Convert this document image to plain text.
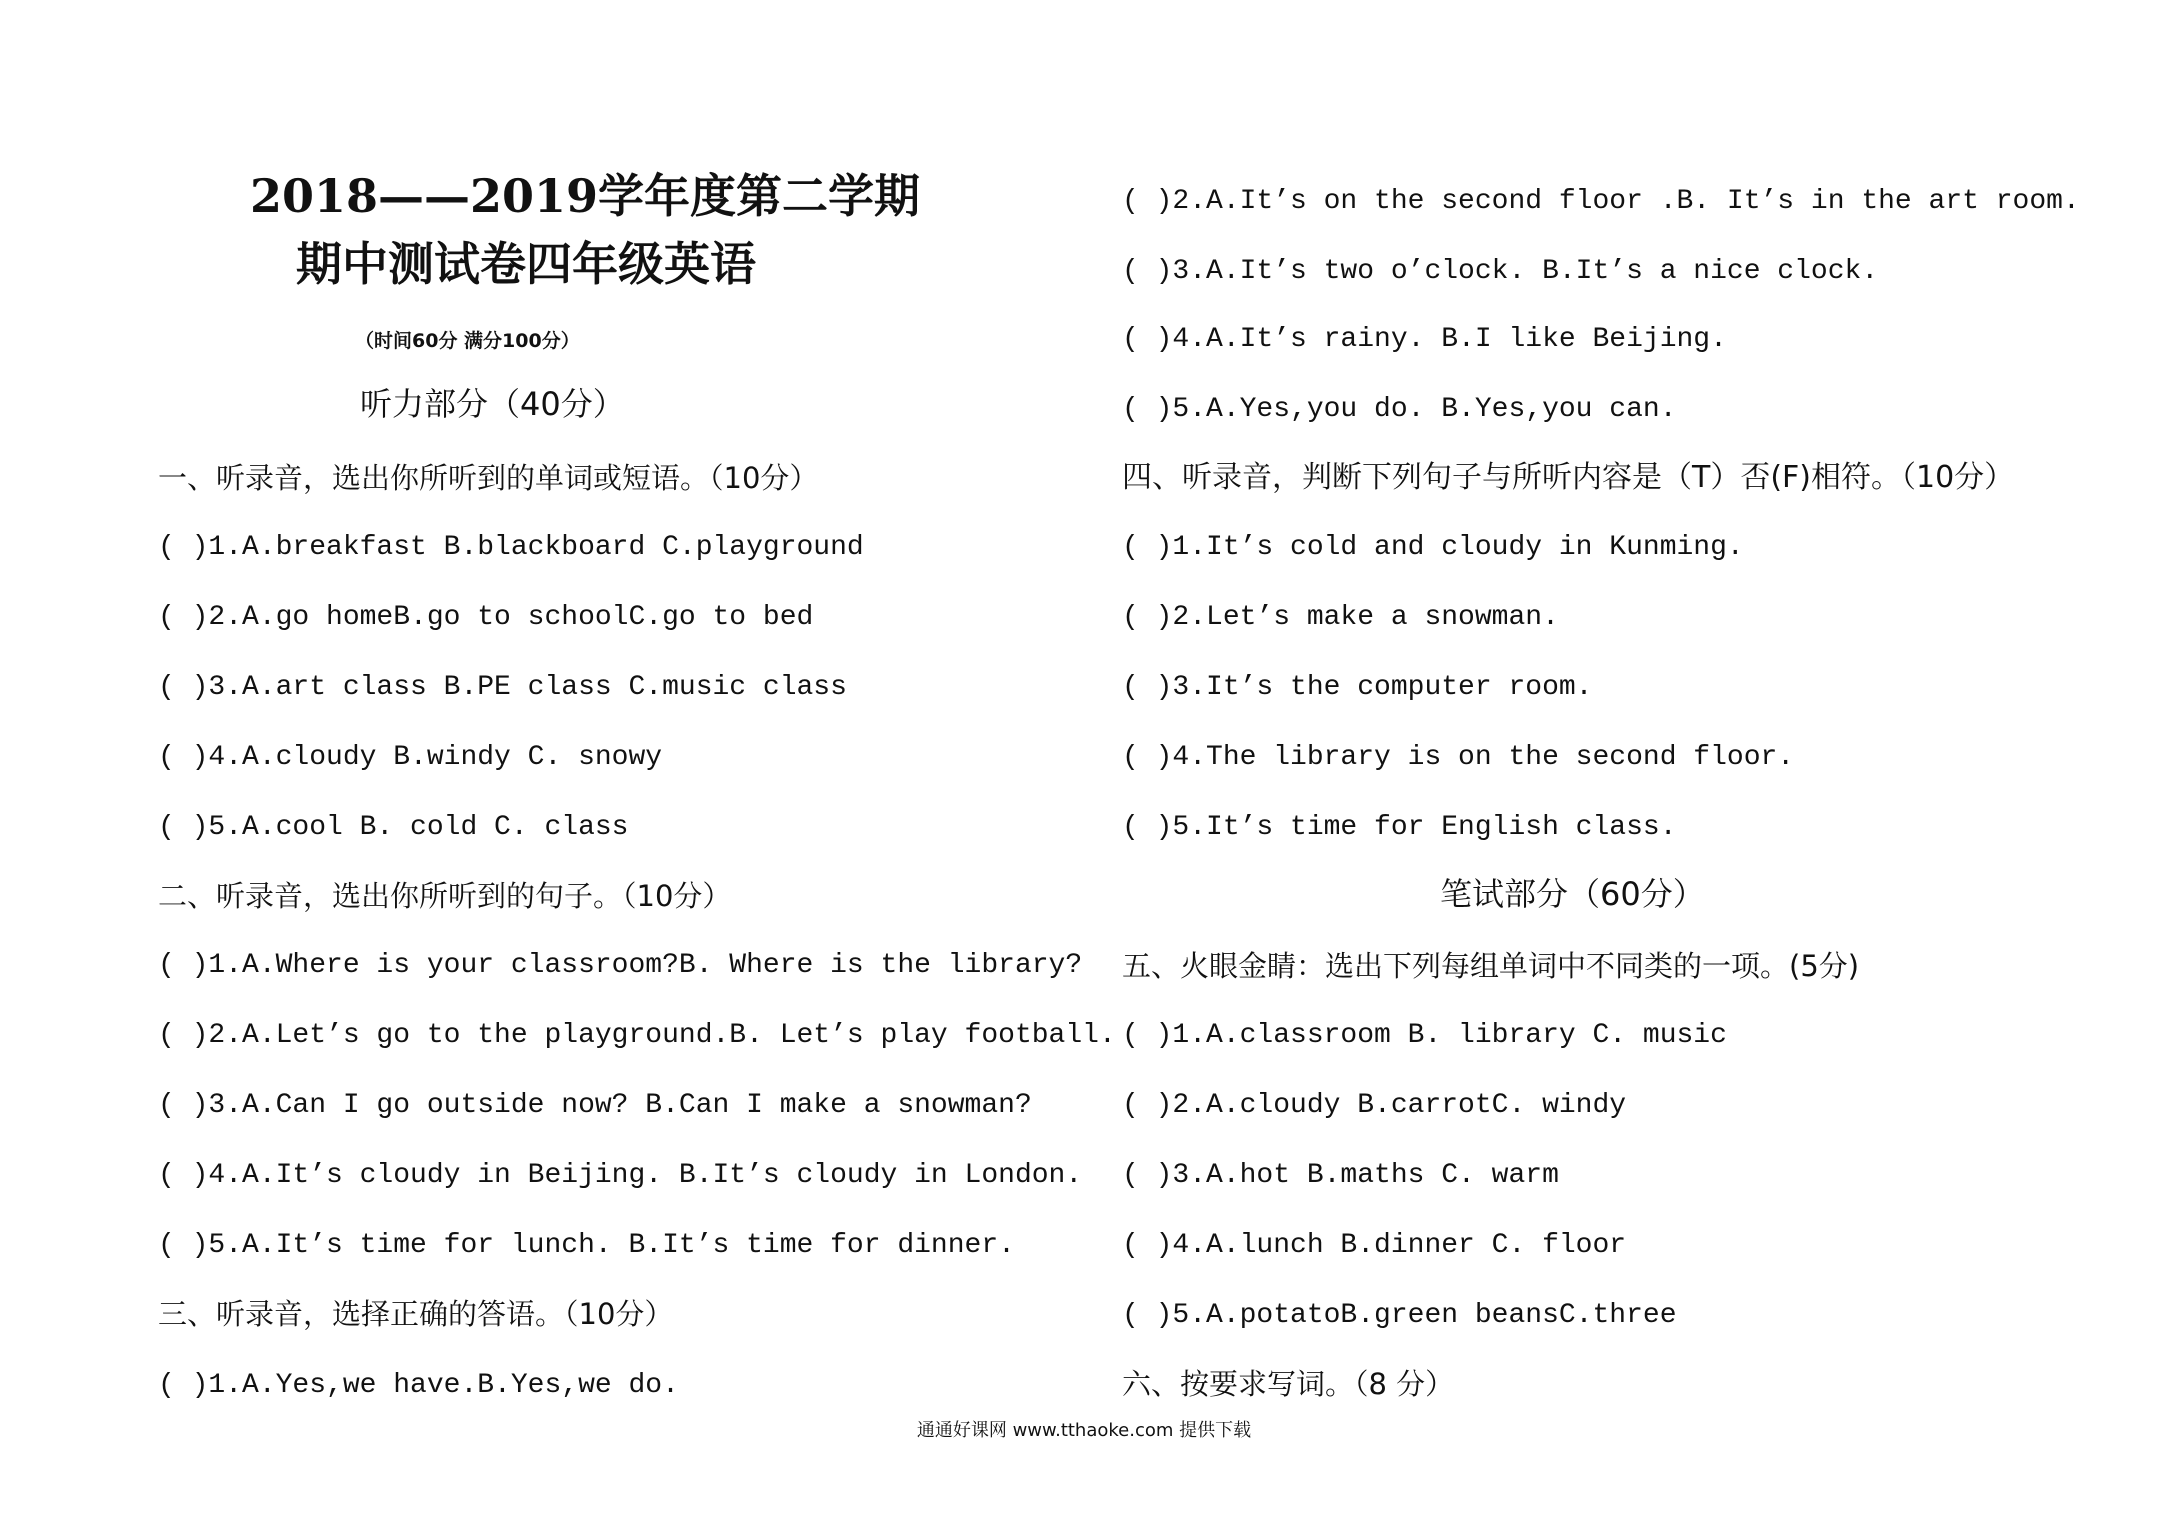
2018——2019学年度第二学期
期中测试卷四年级英语
（时间60分 满分100分）
听力部分（40分）
一、听录音，选出你所听到的单词或短语。（10分）
( )1.A.breakfast B.blackboard C.playground
( )2.A.go homeB.go to schoolC.go to bed
( )3.A.art class B.PE class C.music class
( )4.A.cloudy B.windy C. snowy
( )5.A.cool B. cold C. class
二、听录音，选出你所听到的句子。（10分）
( )1.A.Where is your classroom?B. Where is the library?
( )2.A.Let’s go to the playground.B. Let’s play football.
( )3.A.Can I go outside now? B.Can I make a snowman?
( )4.A.It’s cloudy in Beijing. B.It’s cloudy in London.
( )5.A.It’s time for lunch. B.It’s time for dinner.
三、听录音，选择正确的答语。（10分）
( )1.A.Yes,we have.B.Yes,we do.
( )2.A.It’s on the second floor .B. It’s in the art room.
( )3.A.It’s two o’clock. B.It’s a nice clock.
( )4.A.It’s rainy. B.I like Beijing.
( )5.A.Yes,you do. B.Yes,you can.
四、听录音，判断下列句子与所听内容是（T）否(F)相符。（10分）
( )1.It’s cold and cloudy in Kunming.
( )2.Let’s make a snowman.
( )3.It’s the computer room.
( )4.The library is on the second floor.
( )5.It’s time for English class.
笔试部分（60分）
五、火眼金睛：选出下列每组单词中不同类的一项。(5分)
( )1.A.classroom B. library C. music
( )2.A.cloudy B.carrotC. windy
( )3.A.hot B.maths C. warm
( )4.A.lunch B.dinner C. floor
( )5.A.potatoB.green beansC.three
六、按要求写词。（8 分）
通通好课网 www.tthaoke.com 提供下载
